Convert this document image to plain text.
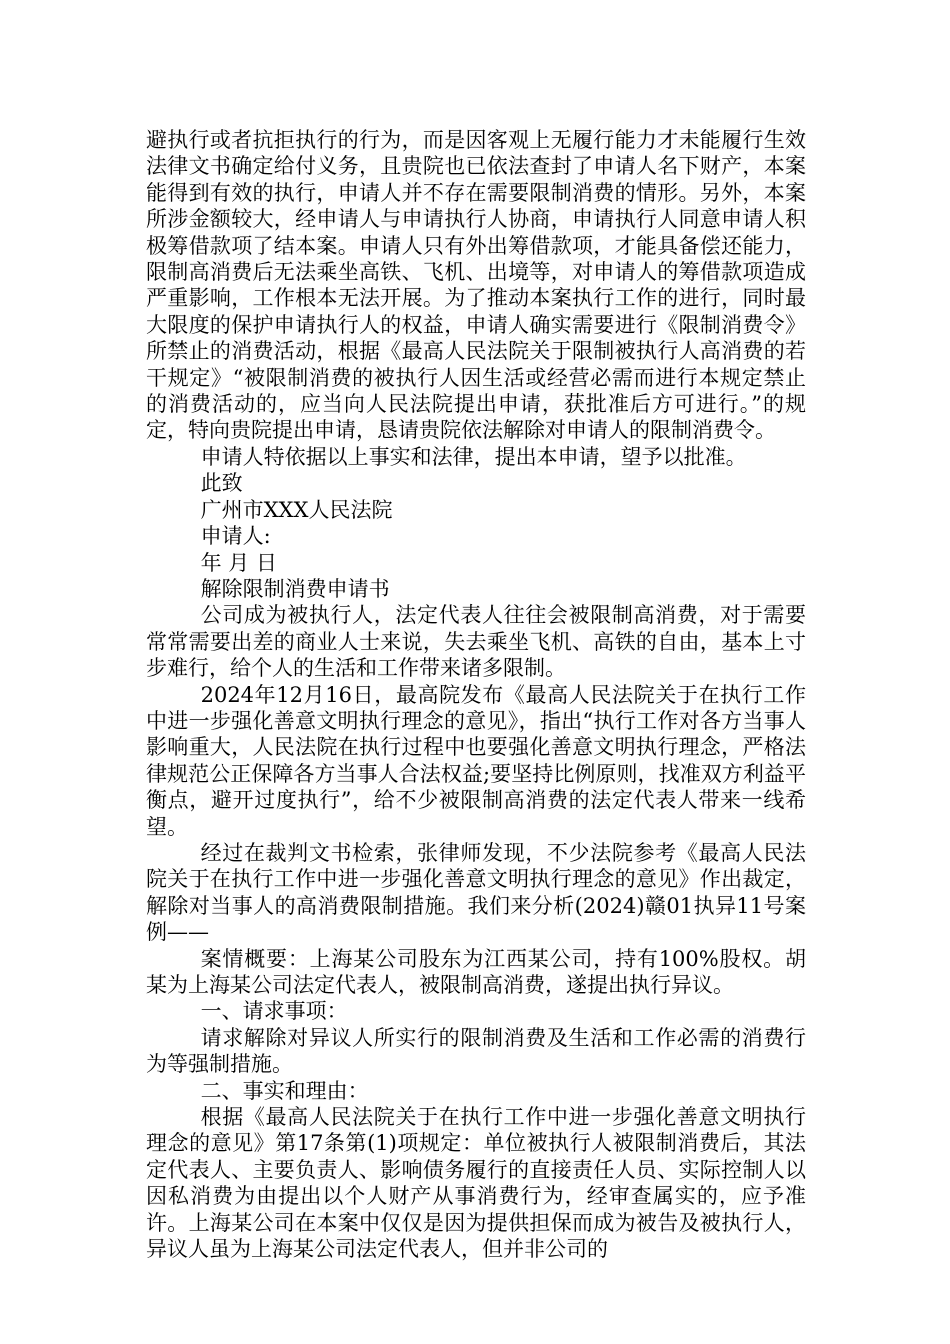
避执行或者抗拒执行的行为，而是因客观上无履行能力才未能履行生效法律文书确定给付义务，且贵院也已依法查封了申请人名下财产，本案能得到有效的执行，申请人并不存在需要限制消费的情形。另外，本案所涉金额较大，经申请人与申请执行人协商，申请执行人同意申请人积极筹借款项了结本案。申请人只有外出筹借款项，才能具备偿还能力，限制高消费后无法乘坐高铁、飞机、出境等，对申请人的筹借款项造成严重影响，工作根本无法开展。为了推动本案执行工作的进行，同时最大限度的保护申请执行人的权益，申请人确实需要进行《限制消费令》所禁止的消费活动，根据《最高人民法院关于限制被执行人高消费的若干规定》“被限制消费的被执行人因生活或经营必需而进行本规定禁止的消费活动的，应当向人民法院提出申请，获批准后方可进行。”的规定，特向贵院提出申请，恳请贵院依法解除对申请人的限制消费令。

申请人特依据以上事实和法律，提出本申请，望予以批准。

此致

广州市XXX人民法院

申请人:

年 月 日

解除限制消费申请书

公司成为被执行人，法定代表人往往会被限制高消费，对于需要常常需要出差的商业人士来说，失去乘坐飞机、高铁的自由，基本上寸步难行，给个人的生活和工作带来诸多限制。

2024年12月16日，最高院发布《最高人民法院关于在执行工作中进一步强化善意文明执行理念的意见》，指出“执行工作对各方当事人影响重大，人民法院在执行过程中也要强化善意文明执行理念，严格法律规范公正保障各方当事人合法权益;要坚持比例原则，找准双方利益平衡点，避开过度执行”，给不少被限制高消费的法定代表人带来一线希望。

经过在裁判文书检索，张律师发现，不少法院参考《最高人民法院关于在执行工作中进一步强化善意文明执行理念的意见》作出裁定，解除对当事人的高消费限制措施。我们来分析(2024)赣01执异11号案例——

案情概要：上海某公司股东为江西某公司，持有100%股权。胡某为上海某公司法定代表人，被限制高消费，遂提出执行异议。

一、请求事项：

请求解除对异议人所实行的限制消费及生活和工作必需的消费行为等强制措施。

二、事实和理由：

根据《最高人民法院关于在执行工作中进一步强化善意文明执行理念的意见》第17条第(1)项规定：单位被执行人被限制消费后，其法定代表人、主要负责人、影响债务履行的直接责任人员、实际控制人以因私消费为由提出以个人财产从事消费行为，经审查属实的，应予准许。上海某公司在本案中仅仅是因为提供担保而成为被告及被执行人，异议人虽为上海某公司法定代表人，但并非公司的
